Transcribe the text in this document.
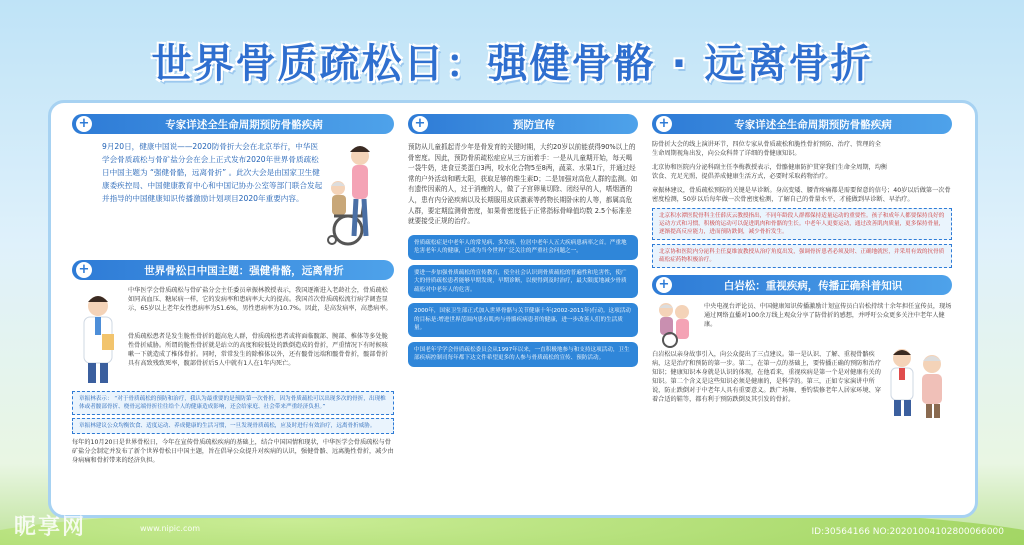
世界骨质疏松日：强健骨骼 · 远离骨折
+	专家详述全生命周期预防骨骼疾病
9月20日，健康中国说——2020防骨折大会在北京举行，中华医学会骨质疏松与骨矿盐分会在会上正式发布2020年世界骨质疏松日中国主题为 “强健骨骼，远离骨折” 。此次大会是由国家卫生健康委疾控局、中国健康教育中心和中国记协办公室等部门联合发起并指导的中国健康知识传播激励计划项目2020年重要内容。
+	世界骨松日中国主题：强健骨骼，远离骨折
中华医学会骨质疏松与骨矿盐分会主任委员章振林教授表示，我国逐渐进入老龄社会，骨质疏松如同高血压、糖尿病一样，它的发病率和患病率大大的提高。我国首次骨质疏松流行病学调查显示，65岁以上老年女性患病率为51.6%，男性患病率为10.7%。因此，是高发病率，高患病率。
骨质疏松患者是发生脆性骨折的超高危人群，骨质疏松患者或将面临髋部、腕部、椎体等多处脆性骨折威胁。所谓的脆性骨折就是站立的高度和较低处的跌倒造成的骨折，严重情况下有时候咳嗽一下就造成了椎体骨折。同时，常常发生的除椎体以外，还有髋骨远端和髋骨骨折，髋部骨折具有高致残致死率，髋部骨折后5人中就有1人在1年内死亡。
章振林表示： “对于骨质疏松的预防和治疗，我认为最重要的是预防第一次骨折，因为骨质疏松可以出现多次的骨折，出现椎体或者髋部骨折、桡骨远端骨折往往给个人的健康造成影响，还会给家庭、社会带来严重经济负担。”
章振林建议公众均衡饮食、适度运动、养成健康的生活习惯，一旦发现骨质疏松，应及时进行有效治疗，远离骨折威胁。
每年的10月20日是世界骨松日，今年在宣传骨质疏松疾病的基础上，结合中国国情和现状，中华医学会骨质疏松与骨矿盐分会制定并发布了新个世界骨松日中国主题，旨在倡导公众提升对疾病的认识，强健骨骼、远离脆性骨折，减少由身病痛和骨折带来的经济负担。
+	预防宣传
预防从儿童抓起青少年是骨发育的关键时期，大约20岁以前能获得90%以上的骨密度。因此，预防骨质疏松症应从三方面着手：一是从儿童期开始，每天喝一袋牛奶，进食豆类蛋白3两，咬水化合物5至8两，蔬菜、水果1斤，并通过经常的户外活动和晒太阳，获取足够的维生素D；二是加强对高危人群的监测。如有遗传因素的人，过于消瘦的人，做了子宫卵巢切除、闭经早的人，嗜烟酒的人，患有内分泌疾病以及长期服用皮质激素等药物长期卧床的人等，都属高危人群，要定期监测骨密度，如果骨密度低于正常指标骨峰值均数 2.5个标准差就要接受正规的治疗。
骨质疏松症是中老年人的常见病、多发病，位居中老年人五大疾病患病率之首。严重地危害老年人的健康，已成为当今世界广泛关注的严重社会问题之一。
要进一步加强骨质疏松的宣传教育，使全社会认识到骨质疏松的普遍性和危害性，使广大的骨质疏松患者能够早期发现，早期诊断，以便得到及时治疗，最大限度地减少骨质疏松对中老年人的危害。
2000年，国家卫生部正式加入世界骨骼与关节健康十年(2002-2011年)行动。这项活动的目标是:增进世界范围内患有肌肉与骨骼疾病患者的健康，进一步改善人们的生活质量。
中国老年学学会骨质疏松委员会从1997年以来，一直积极地参与和支持这项活动，卫生部疾病控制司每年都下达文件希望更多的人参与骨质疏松的宣传、预防活动。
+	专家详述全生命周期预防骨骼疾病
防骨折大会的线上演讲环节，四位专家从骨质疏松和脆性骨折预防、治疗、管理的全生命周期视角出发，向公众科普了详细的骨健康知识。
北京协和医院内分泌科副主任李梅教授表示，骨骼健康防护贯穿我们生命全周期，均衡饮食、充足光照，提倡养成健康生活方式，必要时采取药物治疗。
章振林建议，骨质疏松预防的关键是早诊断。身高变矮、腰背疼痛都是需要留意的信号；40岁以后做第一次骨密度检测，50岁以后每年做一次骨密度检测，了解自己的骨量水平，才能做到早诊断、早治疗。
北京积水潭医院骨科主任薛庆云教授指出，不同年龄段人群都保持适量运动的重要性。孩子和成年人都要保持良好的运动方式和习惯，积极的运动可以促进肌肉和骨骼的生长。中老年人更要运动，通过改善肌肉质量，更多保持骨量，逐渐提高反应能力，进而预防跌倒，减少骨折发生。
北京协和医院内分泌科主任夏维波教授从治疗角度出发，强调骨折患者必须及时、正确地就医，并采用有效的抗骨质疏松症药物积极治疗。
+	白岩松：重视疾病，传播正确科普知识
中央电视台评论员、中国健康知识传播激励计划宣传员白岩松持续十余年担任宣传员，现场通过网络直播对100余万线上观众分享了防骨折的感想，并呼吁公众更多关注中老年人健康。
白岩松以亲身故事引入，向公众提出了三点建议。第一是认识、了解、重视骨骼疾病，这是治疗和预防的第一步。第二，在第一点的基础上，要传播正确的预防和治疗知识；健康知识本身就是认识的体现，在他看来，重视疾病是第一个是对健康有关的知识。第二个含义是这些知识必须是健康的，是科学的。第三，正如专家演讲中所说，防止跌倒对于中老年人具有重要意义。跌广场舞、垂钓装修老年人居家环境、穿着合适的鞋等，都有利于预防跌倒及其引发的骨折。
昵享网	www.nipic.com	ID:30564166 NO:20201004102800066000
